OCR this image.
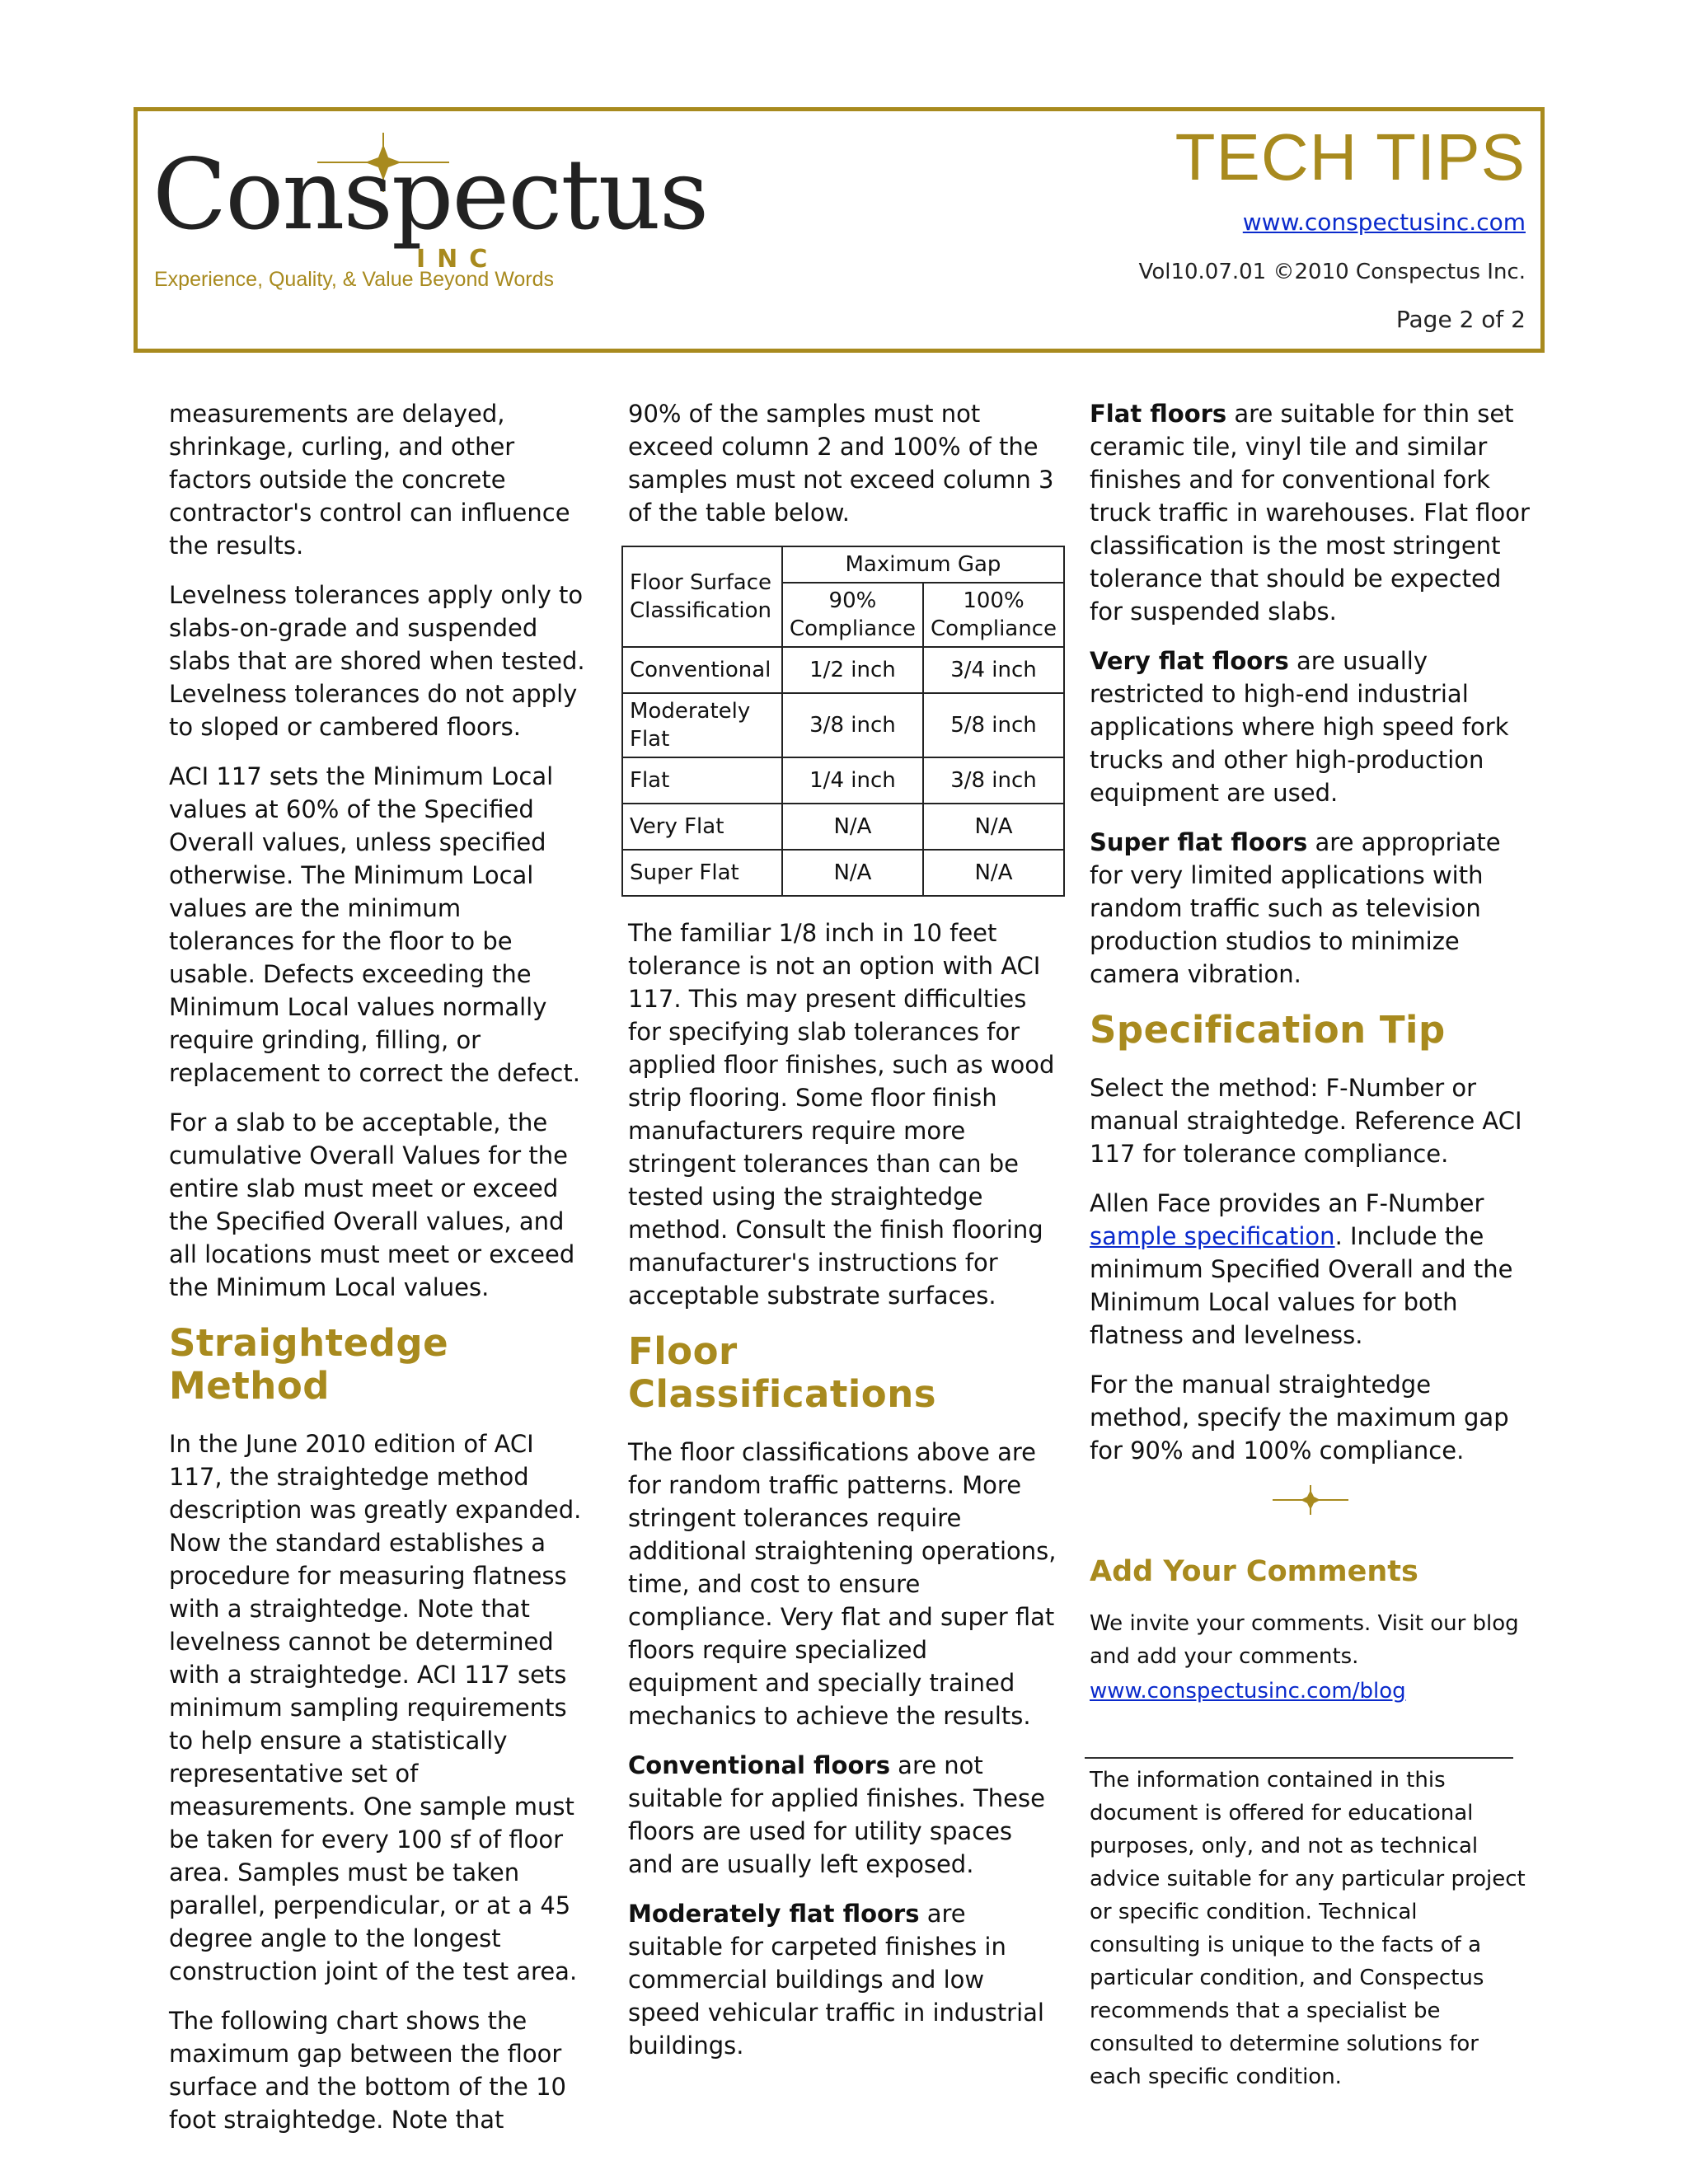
Conspectus
INC
Experience, Quality, & Value Beyond Words
TECH TIPS
www.conspectusinc.com
Vol10.07.01 ©2010 Conspectus Inc.
Page 2 of 2

measurements are delayed, shrinkage, curling, and other factors outside the concrete contractor's control can influence the results.

Levelness tolerances apply only to slabs-on-grade and suspended slabs that are shored when tested. Levelness tolerances do not apply to sloped or cambered floors.

ACI 117 sets the Minimum Local values at 60% of the Specified Overall values, unless specified otherwise. The Minimum Local values are the minimum tolerances for the floor to be usable. Defects exceeding the Minimum Local values normally require grinding, filling, or replacement to correct the defect.

For a slab to be acceptable, the cumulative Overall Values for the entire slab must meet or exceed the Specified Overall values, and all locations must meet or exceed the Minimum Local values.

Straightedge Method

In the June 2010 edition of ACI 117, the straightedge method description was greatly expanded. Now the standard establishes a procedure for measuring flatness with a straightedge. Note that levelness cannot be determined with a straightedge. ACI 117 sets minimum sampling requirements to help ensure a statistically representative set of measurements. One sample must be taken for every 100 sf of floor area. Samples must be taken parallel, perpendicular, or at a 45 degree angle to the longest construction joint of the test area.

The following chart shows the maximum gap between the floor surface and the bottom of the 10 foot straightedge. Note that

90% of the samples must not exceed column 2 and 100% of the samples must not exceed column 3 of the table below.

Floor Surface Classification	Maximum Gap	
	90% Compliance	100% Compliance
Conventional	1/2 inch	3/4 inch
Moderately Flat	3/8 inch	5/8 inch
Flat	1/4 inch	3/8 inch
Very Flat	N/A	N/A
Super Flat	N/A	N/A

The familiar 1/8 inch in 10 feet tolerance is not an option with ACI 117. This may present difficulties for specifying slab tolerances for applied floor finishes, such as wood strip flooring. Some floor finish manufacturers require more stringent tolerances than can be tested using the straightedge method. Consult the finish flooring manufacturer's instructions for acceptable substrate surfaces.

Floor Classifications

The floor classifications above are for random traffic patterns. More stringent tolerances require additional straightening operations, time, and cost to ensure compliance. Very flat and super flat floors require specialized equipment and specially trained mechanics to achieve the results.

Conventional floors are not suitable for applied finishes. These floors are used for utility spaces and are usually left exposed.

Moderately flat floors are suitable for carpeted finishes in commercial buildings and low speed vehicular traffic in industrial buildings.

Flat floors are suitable for thin set ceramic tile, vinyl tile and similar finishes and for conventional fork truck traffic in warehouses. Flat floor classification is the most stringent tolerance that should be expected for suspended slabs.

Very flat floors are usually restricted to high-end industrial applications where high speed fork trucks and other high-production equipment are used.

Super flat floors are appropriate for very limited applications with random traffic such as television production studios to minimize camera vibration.

Specification Tip

Select the method: F-Number or manual straightedge. Reference ACI 117 for tolerance compliance.

Allen Face provides an F-Number sample specification. Include the minimum Specified Overall and the Minimum Local values for both flatness and levelness.

For the manual straightedge method, specify the maximum gap for 90% and 100% compliance.

Add Your Comments

We invite your comments. Visit our blog and add your comments.

www.conspectusinc.com/blog
The information contained in this document is offered for educational purposes, only, and not as technical advice suitable for any particular project or specific condition. Technical consulting is unique to the facts of a particular condition, and Conspectus recommends that a specialist be consulted to determine solutions for each specific condition.
